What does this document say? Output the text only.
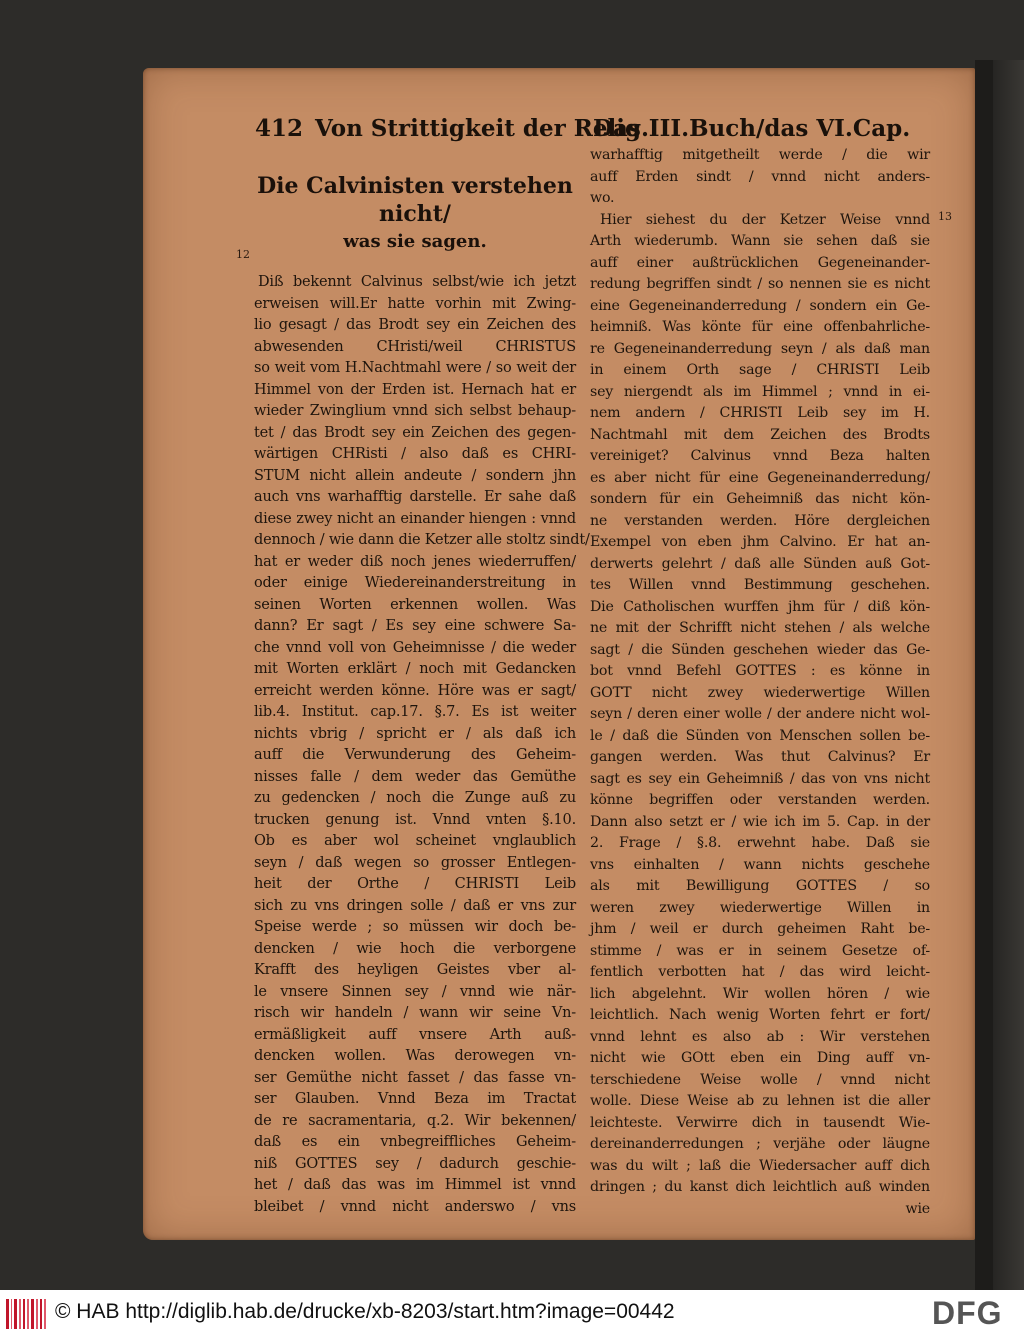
412 Von Strittigkeit der Relig.
Das III.Buch/das VI.Cap.
12
13
Die Calvinisten verstehen nicht/
was sie sagen.
Diß bekennt Calvinus selbst/wie ich jetzt
erweisen will.Er hatte vorhin mit Zwing-
lio gesagt / das Brodt sey ein Zeichen des
abwesenden CHristi/weil CHRISTUS
so weit vom H.Nachtmahl were / so weit der
Himmel von der Erden ist. Hernach hat er
wieder Zwinglium vnnd sich selbst behaup-
tet / das Brodt sey ein Zeichen des gegen-
wärtigen CHRisti / also daß es CHRI-
STUM nicht allein andeute / sondern jhn
auch vns warhafftig darstelle. Er sahe daß
diese zwey nicht an einander hiengen : vnnd
dennoch / wie dann die Ketzer alle stoltz sindt/
hat er weder diß noch jenes wiederruffen/
oder einige Wiedereinanderstreitung in
seinen Worten erkennen wollen. Was
dann? Er sagt / Es sey eine schwere Sa-
che vnnd voll von Geheimnisse / die weder
mit Worten erklärt / noch mit Gedancken
erreicht werden könne. Höre was er sagt/
lib.4. Institut. cap.17. §.7. Es ist weiter
nichts vbrig / spricht er / als daß ich
auff die Verwunderung des Geheim-
nisses falle / dem weder das Gemüthe
zu gedencken / noch die Zunge auß zu
trucken genung ist. Vnnd vnten §.10.
Ob es aber wol scheinet vnglaublich
seyn / daß wegen so grosser Entlegen-
heit der Orthe / CHRISTI Leib
sich zu vns dringen solle / daß er vns zur
Speise werde ; so müssen wir doch be-
dencken / wie hoch die verborgene
Krafft des heyligen Geistes vber al-
le vnsere Sinnen sey / vnnd wie när-
risch wir handeln / wann wir seine Vn-
ermäßligkeit auff vnsere Arth auß-
dencken wollen. Was derowegen vn-
ser Gemüthe nicht fasset / das fasse vn-
ser Glauben. Vnnd Beza im Tractat
de re sacramentaria, q.2. Wir bekennen/
daß es ein vnbegreiffliches Geheim-
niß GOTTES sey / dadurch geschie-
het / daß das was im Himmel ist vnnd
bleibet / vnnd nicht anderswo / vns
warhafftig mitgetheilt werde / die wir
auff Erden sindt / vnnd nicht anders-
wo.
Hier siehest du der Ketzer Weise vnnd
Arth wiederumb. Wann sie sehen daß sie
auff einer außtrücklichen Gegeneinander-
redung begriffen sindt / so nennen sie es nicht
eine Gegeneinanderredung / sondern ein Ge-
heimniß. Was könte für eine offenbahrliche-
re Gegeneinanderredung seyn / als daß man
in einem Orth sage / CHRISTI Leib
sey niergendt als im Himmel ; vnnd in ei-
nem andern / CHRISTI Leib sey im H.
Nachtmahl mit dem Zeichen des Brodts
vereiniget? Calvinus vnnd Beza halten
es aber nicht für eine Gegeneinanderredung/
sondern für ein Geheimniß das nicht kön-
ne verstanden werden. Höre dergleichen
Exempel von eben jhm Calvino. Er hat an-
derwerts gelehrt / daß alle Sünden auß Got-
tes Willen vnnd Bestimmung geschehen.
Die Catholischen wurffen jhm für / diß kön-
ne mit der Schrifft nicht stehen / als welche
sagt / die Sünden geschehen wieder das Ge-
bot vnnd Befehl GOTTES : es könne in
GOTT nicht zwey wiederwertige Willen
seyn / deren einer wolle / der andere nicht wol-
le / daß die Sünden von Menschen sollen be-
gangen werden. Was thut Calvinus? Er
sagt es sey ein Geheimniß / das von vns nicht
könne begriffen oder verstanden werden.
Dann also setzt er / wie ich im 5. Cap. in der
2. Frage / §.8. erwehnt habe. Daß sie
vns einhalten / wann nichts geschehe
als mit Bewilligung GOTTES / so
weren zwey wiederwertige Willen in
jhm / weil er durch geheimen Raht be-
stimme / was er in seinem Gesetze of-
fentlich verbotten hat / das wird leicht-
lich abgelehnt. Wir wollen hören / wie
leichtlich. Nach wenig Worten fehrt er fort/
vnnd lehnt es also ab : Wir verstehen
nicht wie GOtt eben ein Ding auff vn-
terschiedene Weise wolle / vnnd nicht
wolle. Diese Weise ab zu lehnen ist die aller
leichteste. Verwirre dich in tausendt Wie-
dereinanderredungen ; verjähe oder läugne
was du wilt ; laß die Wiedersacher auff dich
dringen ; du kanst dich leichtlich auß winden
wie
© HAB http://diglib.hab.de/drucke/xb-8203/start.htm?image=00442	DFG
